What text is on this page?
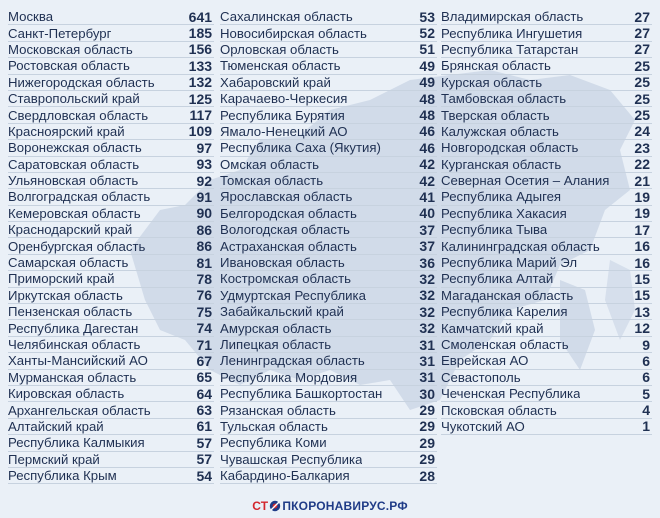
Москва	641
Санкт-Петербург	185
Московская область	156
Ростовская область	133
Нижегородская область 132
Ставропольский край	125
Свердловская область	117
Красноярский край	109
Воронежская область	97
Саратовская область	93
Ульяновская область	92
Волгоградская область	91
Кемеровская область	90
Краснодарский край	86
Оренбургская область	86
Самарская область	81
Приморский край	78
Иркутская область	76
Пензенская область	75
Республика Дагестан	74
Челябинская область	71
Ханты-Мансийский АО	67
Мурманская область	65
Кировская область	64
Архангельская область	63
Алтайский край	61
Республика Калмыкия	57
Пермский край	57
Республика Крым	54
Сахалинская область	53
Новосибирская область	52
Орловская область	51
Тюменская область	49
Хабаровский край	49
Карачаево-Черкесия	48
Республика Бурятия	48
Ямало-Ненецкий АО	46
Республика Саха (Якутия)	46
Омская область	42
Томская область	42
Ярославская область	41
Белгородская область	40
Вологодская область	37
Астраханская область	37
Ивановская область	36
Костромская область	32
Удмуртская Республика	32
Забайкальский край	32
Амурская область	32
Липецкая область	31
Ленинградская область	31
Республика Мордовия	31
Республика Башкортостан	30
Рязанская область	29
Тульская область	29
Республика Коми	29
Чувашская Республика	29
Кабардино-Балкария	28
Владимирская область	27
Республика Ингушетия	27
Республика Татарстан	27
Брянская область	25
Курская область	25
Тамбовская область	25
Тверская область	25
Калужская область	24
Новгородская область	23
Курганская область	22
Северная Осетия – Алания 21
Республика Адыгея	19
Республика Хакасия	19
Республика Тыва	17
Калининградская область 16
Республика Марий Эл	16
Республика Алтай	15
Магаданская область	15
Республика Карелия	13
Камчатский край	12
Смоленская область	9
Еврейская АО	6
Севастополь	6
Чеченская Республика	5
Псковская область	4
Чукотский АО	1
СТ ПКОРОНАВИРУС.РФ
